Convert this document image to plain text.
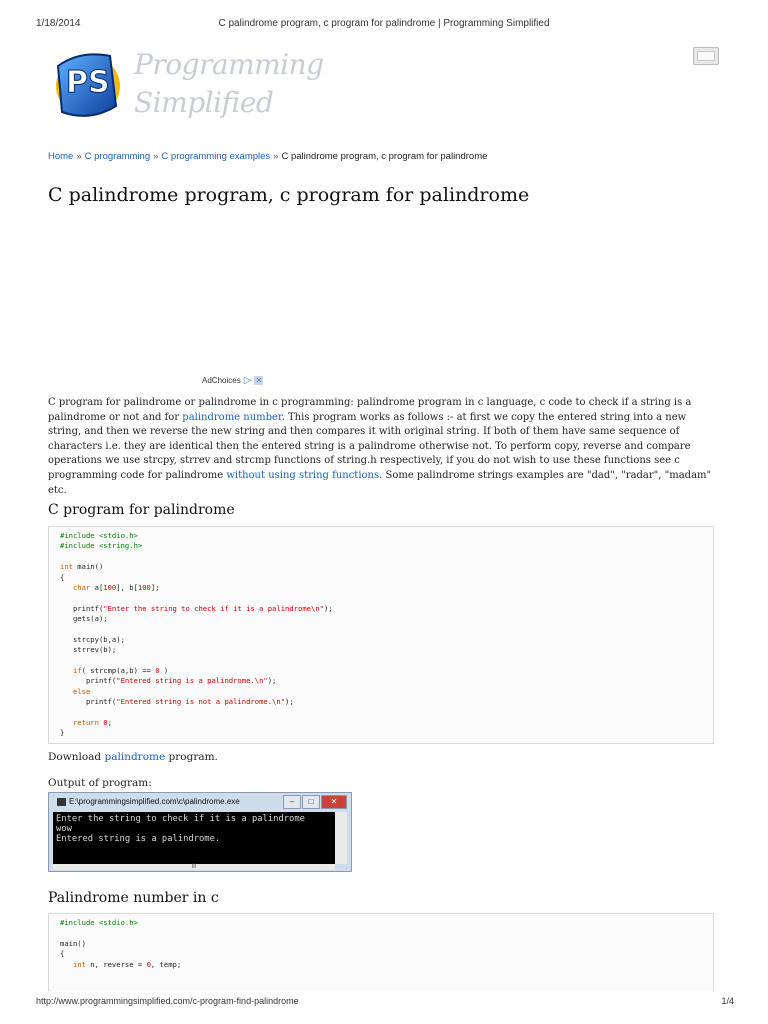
1/18/2014	C palindrome program, c program for palindrome | Programming Simplified
PS
Programming
Simplified
Home » C programming » C programming examples » C palindrome program, c program for palindrome
C palindrome program, c program for palindrome
AdChoices ▷ ✕
C program for palindrome or palindrome in c programming: palindrome program in c language, c code to check if a string is a palindrome or not and for palindrome number. This program works as follows :- at first we copy the entered string into a new string, and then we reverse the new string and then compares it with original string. If both of them have same sequence of characters i.e. they are identical then the entered string is a palindrome otherwise not. To perform copy, reverse and compare operations we use strcpy, strrev and strcmp functions of string.h respectively, if you do not wish to use these functions see c programming code for palindrome without using string functions. Some palindrome strings examples are "dad", "radar", "madam" etc.
C program for palindrome
#include <stdio.h>
#include <string.h>
int main()
{
char a[100], b[100];
printf("Enter the string to check if it is a palindrome\n");
gets(a);
strcpy(b,a);
strrev(b);
if( strcmp(a,b) == 0 )
printf("Entered string is a palindrome.\n");
else
printf("Entered string is not a palindrome.\n");
return 0;
}
Download palindrome program.
Output of program:
E:\programmingsimplified.com\c\palindrome.exe	–	□	✕
Enter the string to check if it is a palindrome
wow
Entered string is a palindrome.
III
Palindrome number in c
#include <stdio.h>
main()
{
int n, reverse = 0, temp;
http://www.programmingsimplified.com/c-program-find-palindrome	1/4
